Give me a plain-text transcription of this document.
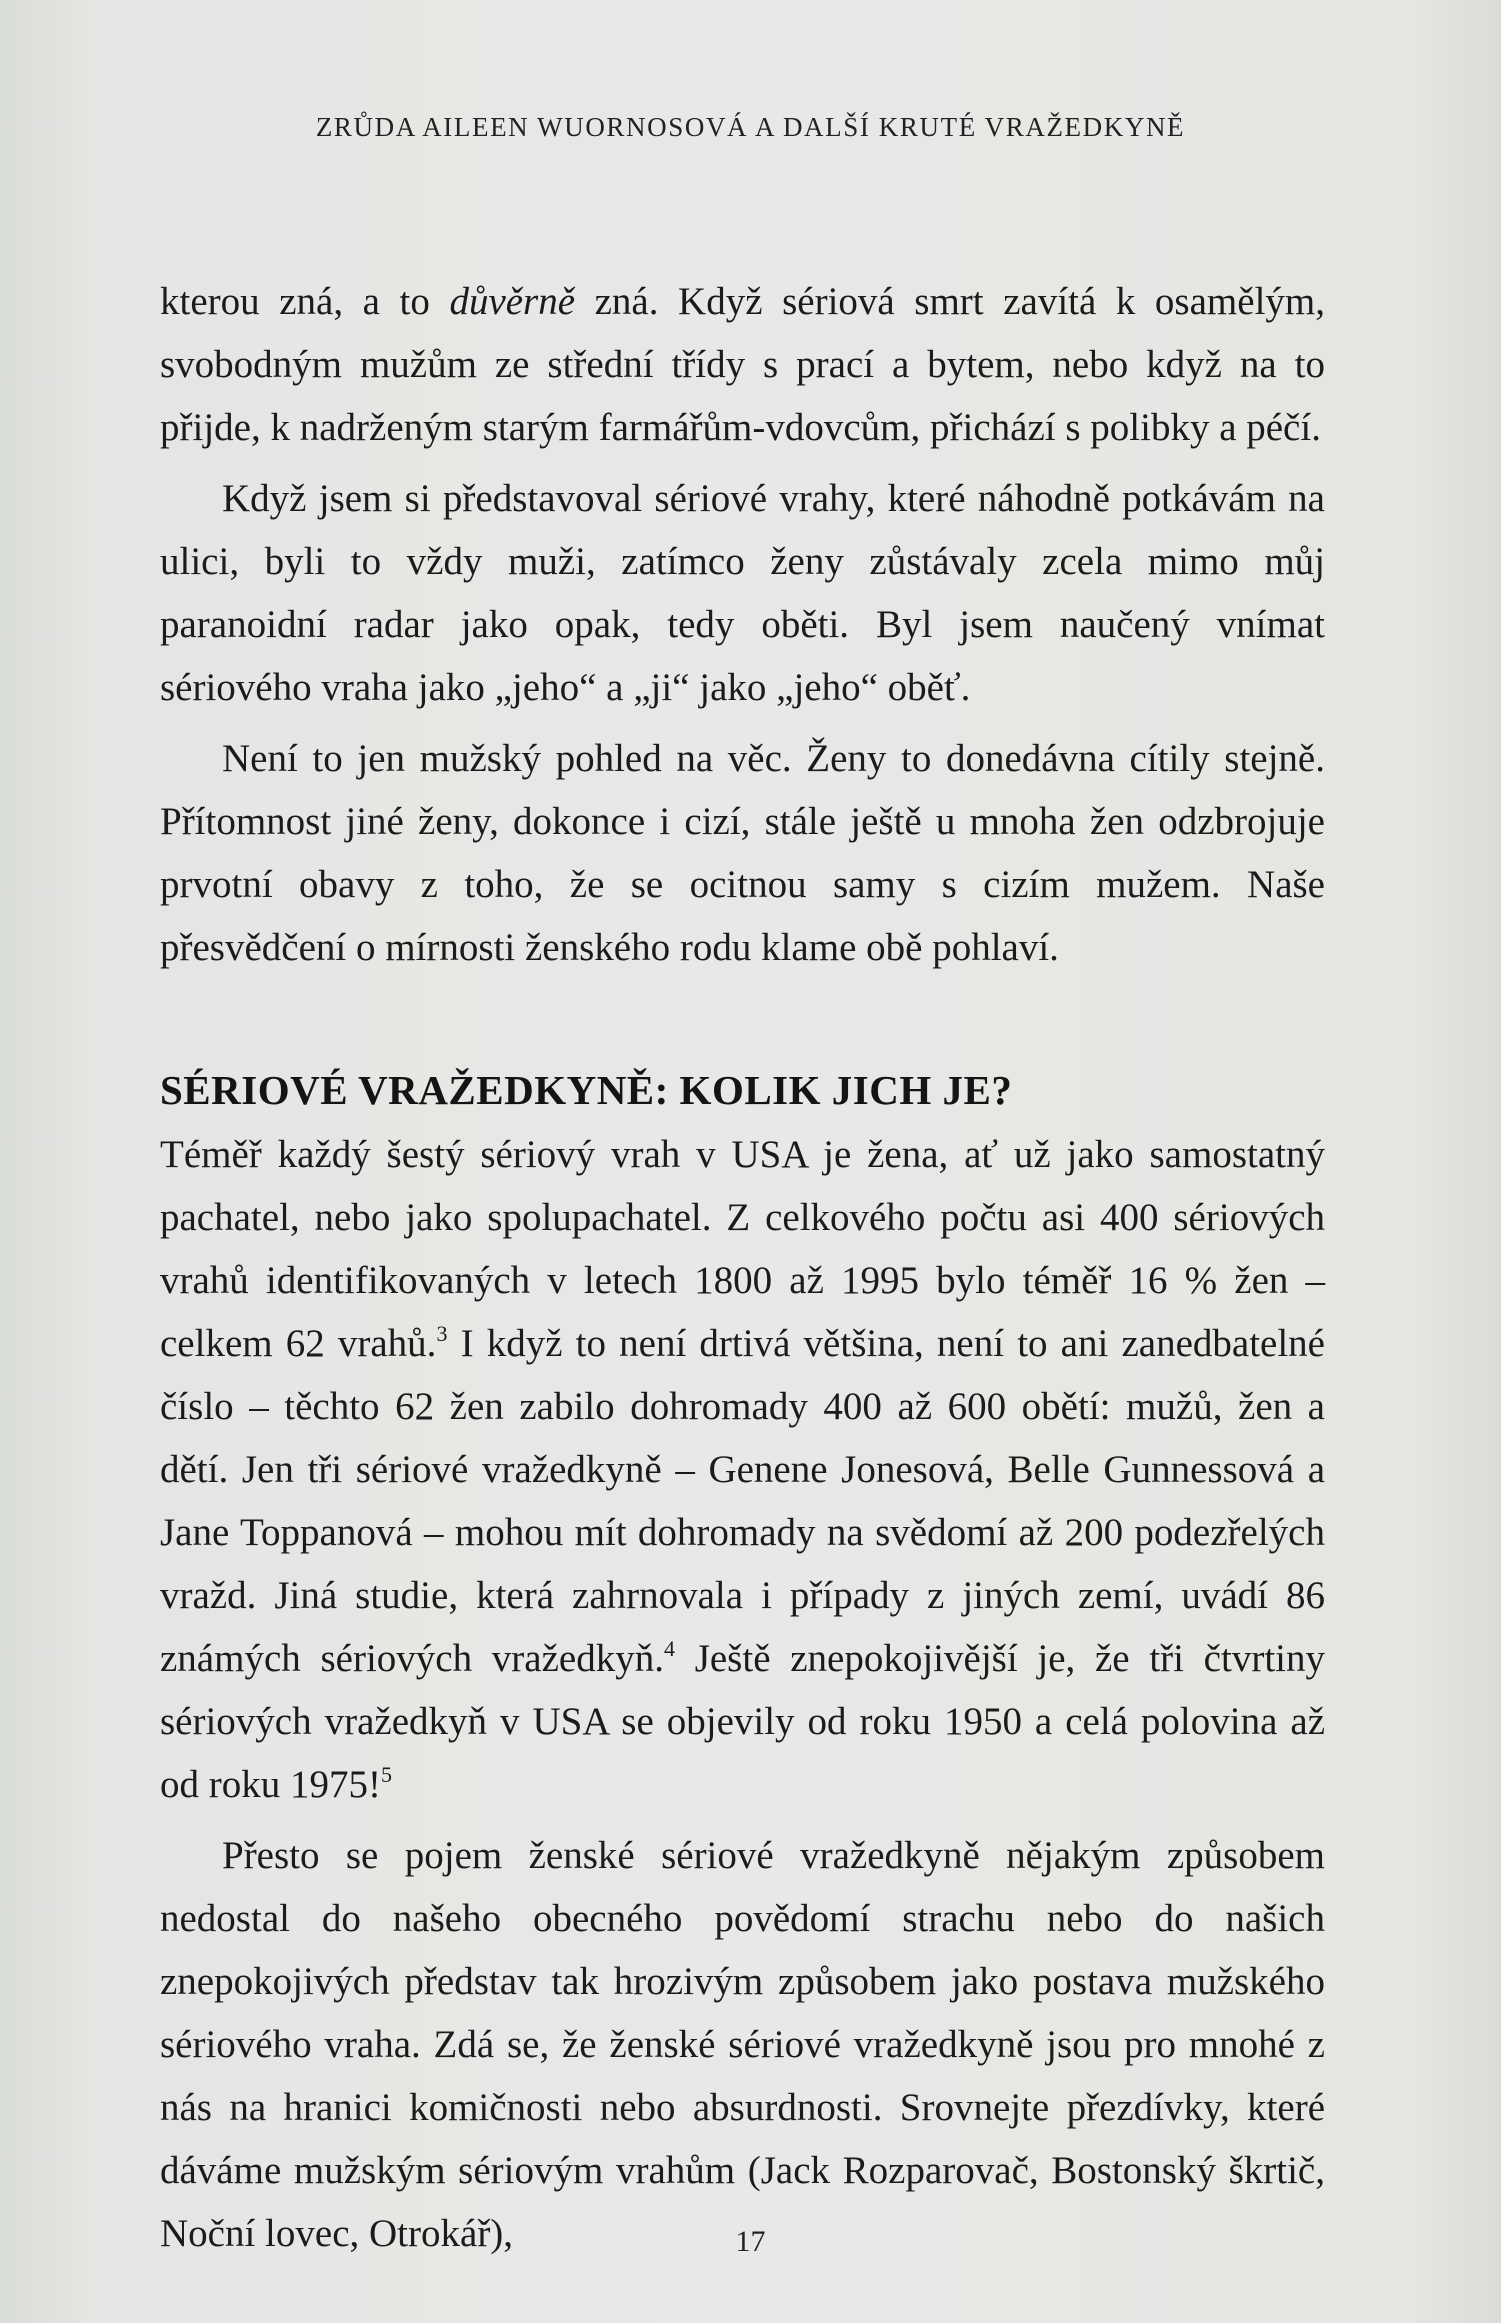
ZRŮDA AILEEN WUORNOSOVÁ A DALŠÍ KRUTÉ VRAŽEDKYNĚ

kterou zná, a to důvěrně zná. Když sériová smrt zavítá k osamělým, svobodným mužům ze střední třídy s prací a bytem, nebo když na to přijde, k nadrženým starým farmářům-vdovcům, přichází s polibky a péčí.

Když jsem si představoval sériové vrahy, které náhodně potkávám na ulici, byli to vždy muži, zatímco ženy zůstávaly zcela mimo můj paranoidní radar jako opak, tedy oběti. Byl jsem naučený vnímat sériového vraha jako „jeho“ a „ji“ jako „jeho“ oběť.

Není to jen mužský pohled na věc. Ženy to donedávna cítily stejně. Přítomnost jiné ženy, dokonce i cizí, stále ještě u mnoha žen odzbrojuje prvotní obavy z toho, že se ocitnou samy s cizím mužem. Naše přesvědčení o mírnosti ženského rodu klame obě pohlaví.

SÉRIOVÉ VRAŽEDKYNĚ: KOLIK JICH JE?

Téměř každý šestý sériový vrah v USA je žena, ať už jako samostatný pachatel, nebo jako spolupachatel. Z celkového počtu asi 400 sériových vrahů identifikovaných v letech 1800 až 1995 bylo téměř 16 % žen – celkem 62 vrahů.$^3$ I když to není drtivá většina, není to ani zanedbatelné číslo – těchto 62 žen zabilo dohromady 400 až 600 obětí: mužů, žen a dětí. Jen tři sériové vražedkyně – Genene Jonesová, Belle Gunnessová a Jane Toppanová – mohou mít dohromady na svědomí až 200 podezřelých vražd. Jiná studie, která zahrnovala i případy z jiných zemí, uvádí 86 známých sériových vražedkyň.$^4$ Ještě znepokojivější je, že tři čtvrtiny sériových vražedkyň v USA se objevily od roku 1950 a celá polovina až od roku 1975!$^5$

Přesto se pojem ženské sériové vražedkyně nějakým způsobem nedostal do našeho obecného povědomí strachu nebo do našich znepokojivých představ tak hrozivým způsobem jako postava mužského sériového vraha. Zdá se, že ženské sériové vražedkyně jsou pro mnohé z nás na hranici komičnosti nebo absurdnosti. Srovnejte přezdívky, které dáváme mužským sériovým vrahům (Jack Rozparovač, Bostonský škrtič, Noční lovec, Otrokář),	17
